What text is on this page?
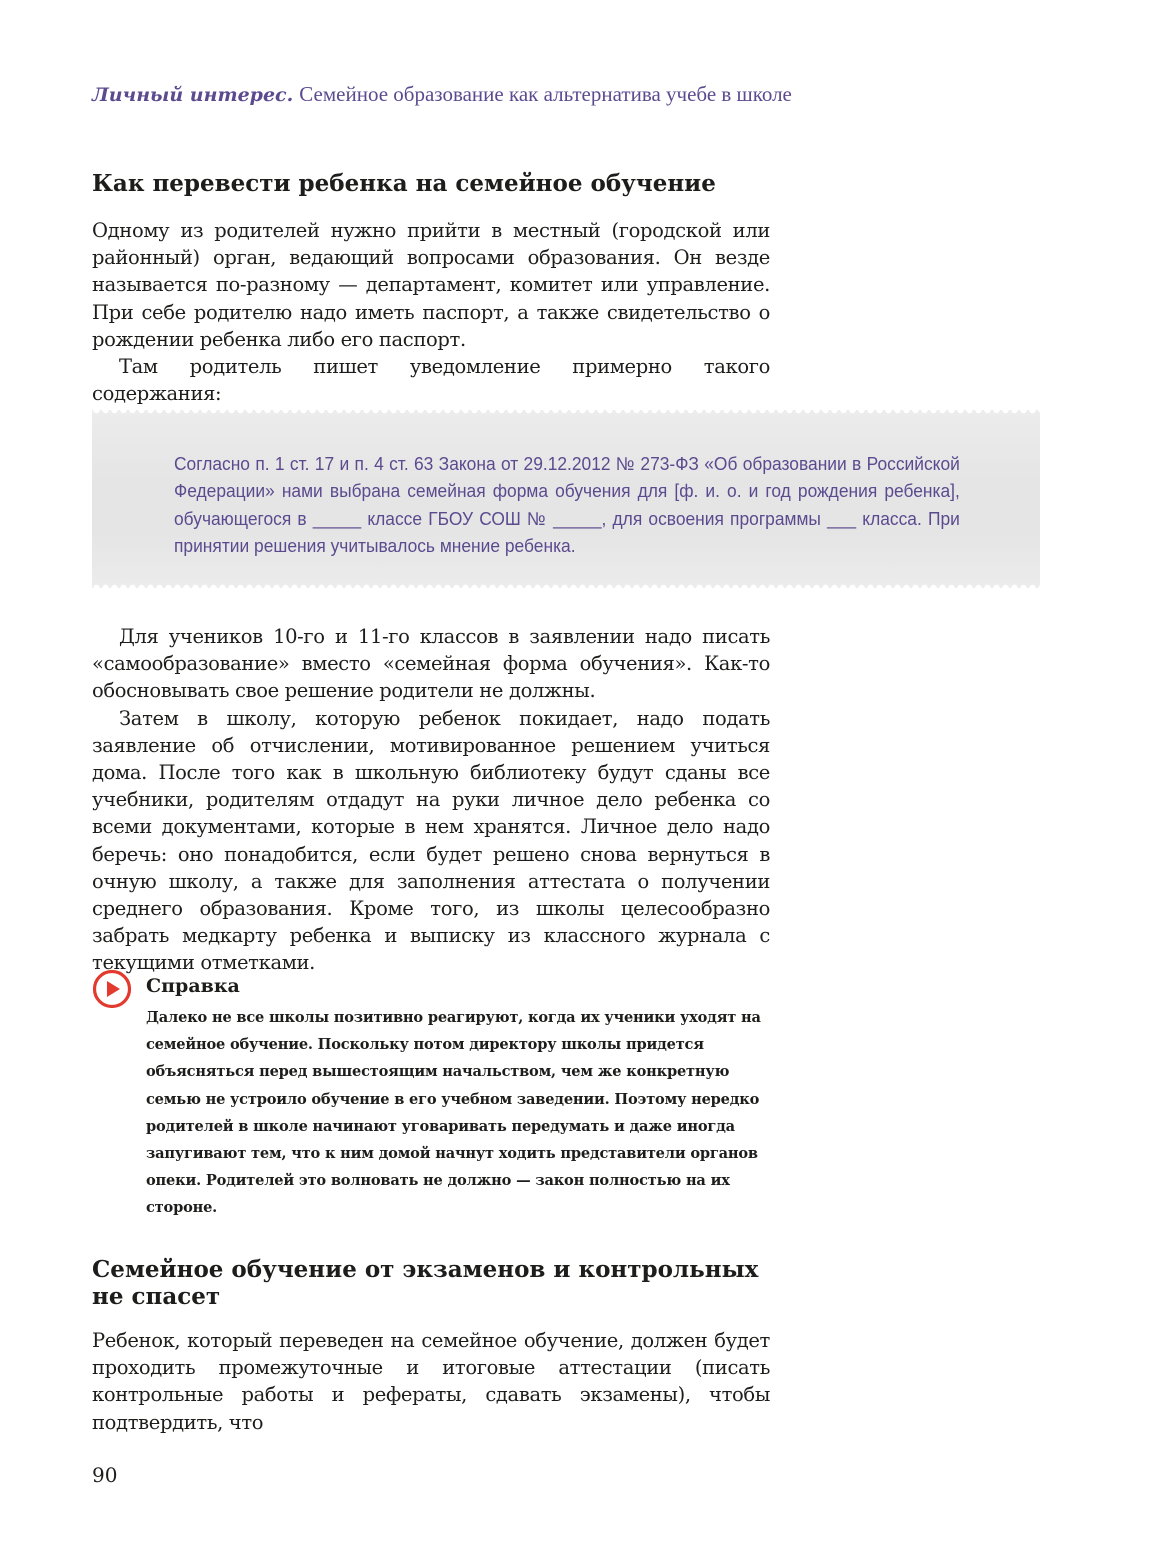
Личный интерес. Семейное образование как альтернатива учебе в школе
Как перевести ребенка на семейное обучение

Одному из родителей нужно прийти в местный (городской или районный) орган, ведающий вопросами образования. Он везде называется по-разному — департамент, комитет или управление. При себе родителю надо иметь паспорт, а также свидетельство о рождении ребенка либо его паспорт.

Там родитель пишет уведомление примерно такого содержания:

Согласно п. 1 ст. 17 и п. 4 ст. 63 Закона от 29.12.2012 № 273-ФЗ «Об образовании в Российской Федерации» нами выбрана семейная форма обучения для [ф. и. о. и год рождения ребенка], обучающегося в _____ классе ГБОУ СОШ № _____, для освоения программы ___ класса. При принятии решения учитывалось мнение ребенка.

Для учеников 10-го и 11-го классов в заявлении надо писать «самообразование» вместо «семейная форма обучения». Как-то обосновывать свое решение родители не должны.

Затем в школу, которую ребенок покидает, надо подать заявление об отчислении, мотивированное решением учиться дома. После того как в школьную библиотеку будут сданы все учебники, родителям отдадут на руки личное дело ребенка со всеми документами, которые в нем хранятся. Личное дело надо беречь: оно понадобится, если будет решено снова вернуться в очную школу, а также для заполнения аттестата о получении среднего образования. Кроме того, из школы целесообразно забрать медкарту ребенка и выписку из классного журнала с текущими отметками.

Справка
Далеко не все школы позитивно реагируют, когда их ученики уходят на семейное обучение. Поскольку потом директору школы придется объясняться перед вышестоящим начальством, чем же конкретную семью не устроило обучение в его учебном заведении. Поэтому нередко родителей в школе начинают уговаривать передумать и даже иногда запугивают тем, что к ним домой начнут ходить представители органов опеки. Родителей это волновать не должно — закон полностью на их стороне.
Семейное обучение от экзаменов и контрольных не спасет

Ребенок, который переведен на семейное обучение, должен будет проходить промежуточные и итоговые аттестации (писать контрольные работы и рефераты, сдавать экзамены), чтобы подтвердить, что

90
